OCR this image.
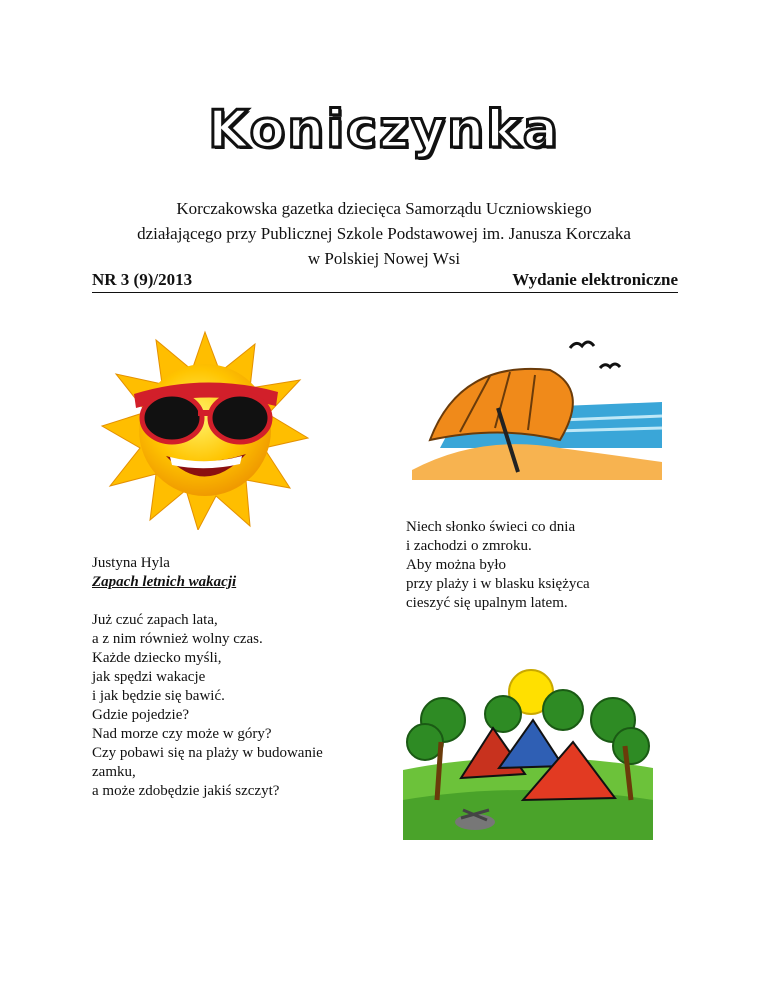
Koniczynka
Korczakowska gazetka dziecięca Samorządu Uczniowskiego
działającego przy Publicznej Szkole Podstawowej im. Janusza Korczaka
w Polskiej Nowej Wsi
NR 3 (9)/2013	Wydanie elektroniczne
Niech słonko świeci co dnia
i zachodzi o zmroku.
Aby można było
przy plaży i w blasku księżyca
cieszyć się upalnym latem.
Justyna Hyla
Zapach letnich wakacji
Już czuć zapach lata,
a z nim również wolny czas.
Każde dziecko myśli,
jak spędzi wakacje
i jak będzie się bawić.
Gdzie pojedzie?
Nad morze czy może w góry?
Czy pobawi się na plaży w budowanie
zamku,
a może zdobędzie jakiś szczyt?
